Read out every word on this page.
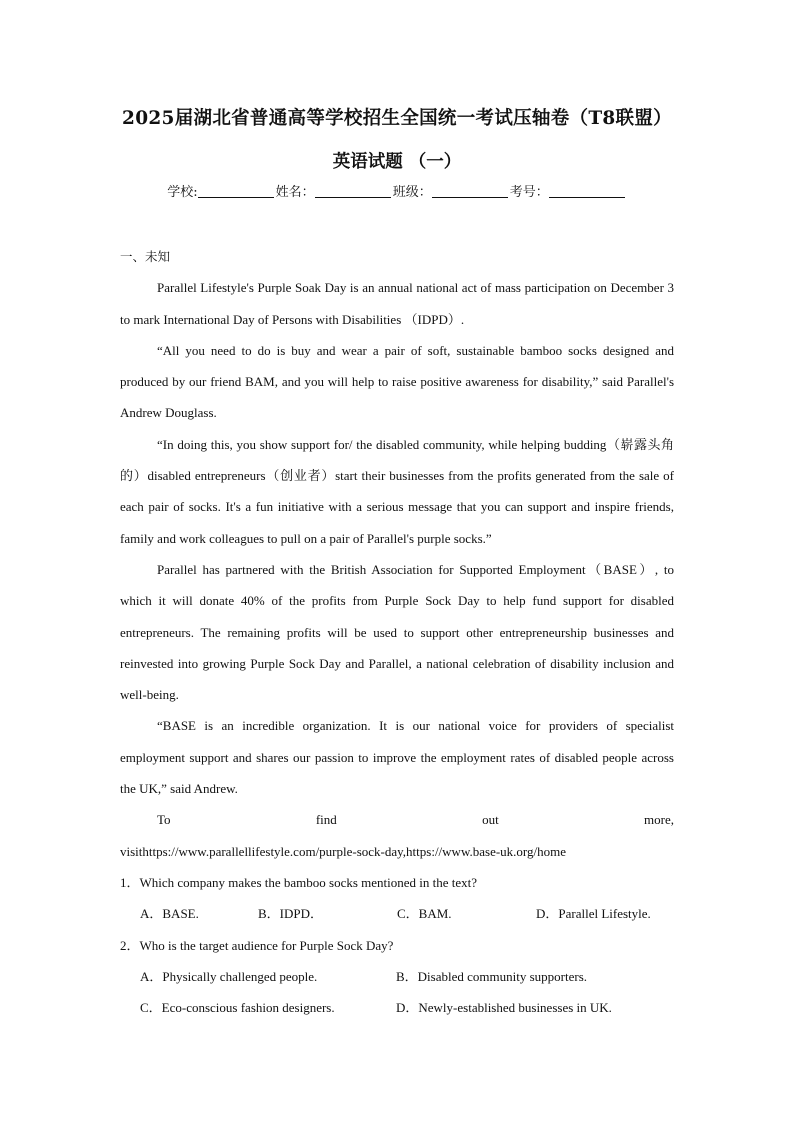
2025届湖北省普通高等学校招生全国统一考试压轴卷（T8联盟）
英语试题 （一）
学校:	姓名：	班级：	考号：

一、未知

Parallel Lifestyle's Purple Soak Day is an annual national act of mass participation on December 3 to mark International Day of Persons with Disabilities （IDPD）.

“All you need to do is buy and wear a pair of soft, sustainable bamboo socks designed and produced by our friend BAM, and you will help to raise positive awareness for disability,” said Parallel's Andrew Douglass.

“In doing this, you show support for/ the disabled community, while helping budding（崭露头角的）disabled entrepreneurs（创业者）start their businesses from the profits generated from the sale of each pair of socks. It's a fun initiative with a serious message that you can support and inspire friends, family and work colleagues to pull on a pair of Parallel's purple socks.”

Parallel has partnered with the British Association for Supported Employment（BASE）, to which it will donate 40% of the profits from Purple Sock Day to help fund support for disabled entrepreneurs. The remaining profits will be used to support other entrepreneurship businesses and reinvested into growing Purple Sock Day and Parallel, a national celebration of disability inclusion and well-being.

“BASE is an incredible organization. It is our national voice for providers of specialist employment support and shares our passion to improve the employment rates of disabled people across the UK,” said Andrew.

To find out more,

visithttps://www.parallellifestyle.com/purple-sock-day,https://www.base-uk.org/home

1．Which company makes the bamboo socks mentioned in the text?

A．BASE.	B．IDPD．	C．BAM.	D．Parallel Lifestyle.

2．Who is the target audience for Purple Sock Day?

A．Physically challenged people.	B．Disabled community supporters.
C．Eco-conscious fashion designers.	D．Newly-established businesses in UK.
